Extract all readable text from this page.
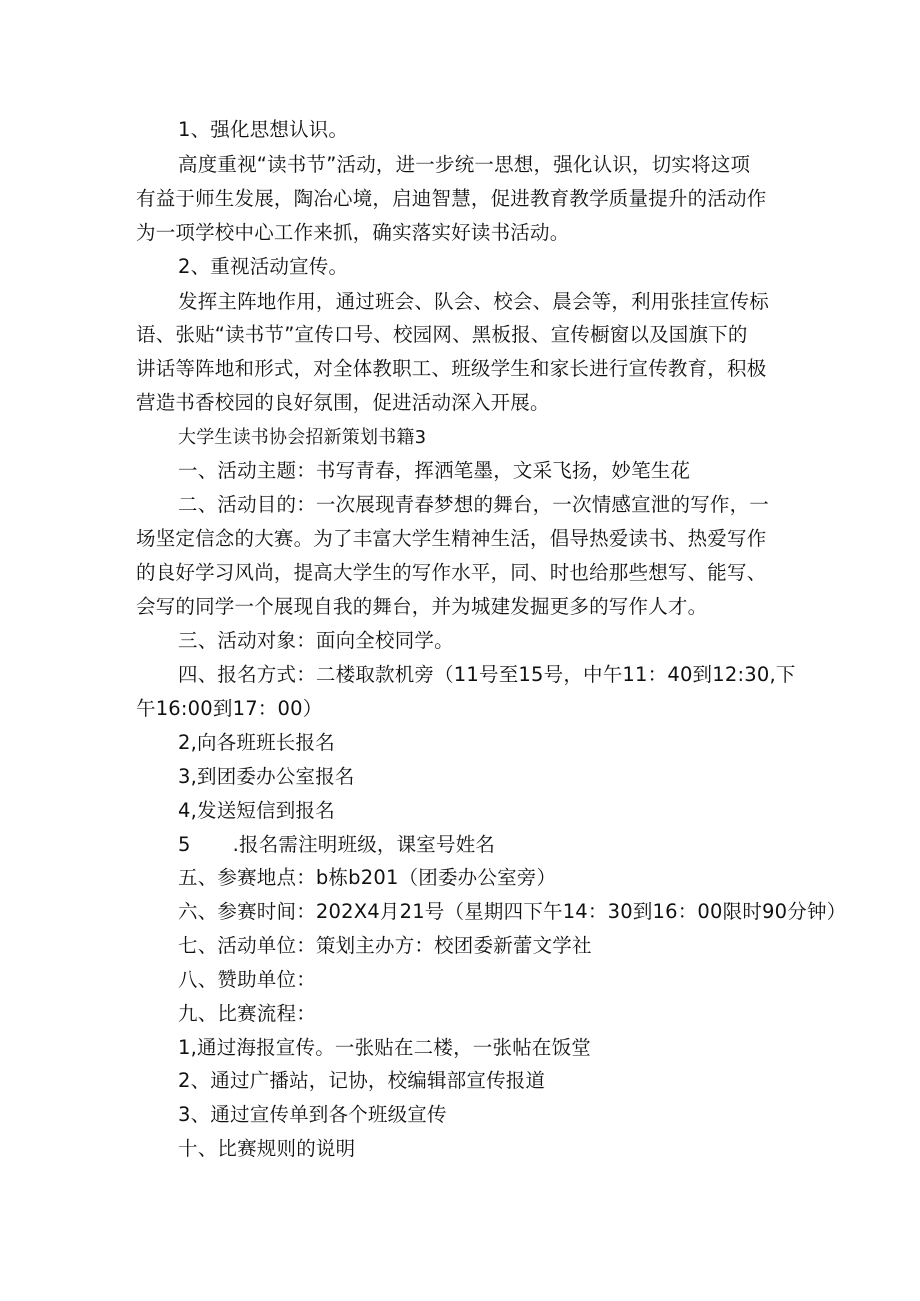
1、强化思想认识。
高度重视“读书节”活动，进一步统一思想，强化认识，切实将这项
有益于师生发展，陶冶心境，启迪智慧，促进教育教学质量提升的活动作
为一项学校中心工作来抓，确实落实好读书活动。
2、重视活动宣传。
发挥主阵地作用，通过班会、队会、校会、晨会等，利用张挂宣传标
语、张贴“读书节”宣传口号、校园网、黑板报、宣传橱窗以及国旗下的
讲话等阵地和形式，对全体教职工、班级学生和家长进行宣传教育，积极
营造书香校园的良好氛围，促进活动深入开展。
大学生读书协会招新策划书籍3
一、活动主题：书写青春，挥洒笔墨，文采飞扬，妙笔生花
二、活动目的：一次展现青春梦想的舞台，一次情感宣泄的写作，一
场坚定信念的大赛。为了丰富大学生精神生活，倡导热爱读书、热爱写作
的良好学习风尚，提高大学生的写作水平，同、时也给那些想写、能写、
会写的同学一个展现自我的舞台，并为城建发掘更多的写作人才。
三、活动对象：面向全校同学。
四、报名方式：二楼取款机旁（11号至15号，中午11：40到12:30,下
午16:00到17：00）
2,向各班班长报名
3,到团委办公室报名
4,发送短信到报名
5 .报名需注明班级，课室号姓名
五、参赛地点：b栋b201（团委办公室旁）
六、参赛时间：202X4月21号（星期四下午14：30到16：00限时90分钟）
七、活动单位：策划主办方：校团委新蕾文学社
八、赞助单位：
九、比赛流程：
1,通过海报宣传。一张贴在二楼，一张帖在饭堂
2、通过广播站，记协，校编辑部宣传报道
3、通过宣传单到各个班级宣传
十、比赛规则的说明
